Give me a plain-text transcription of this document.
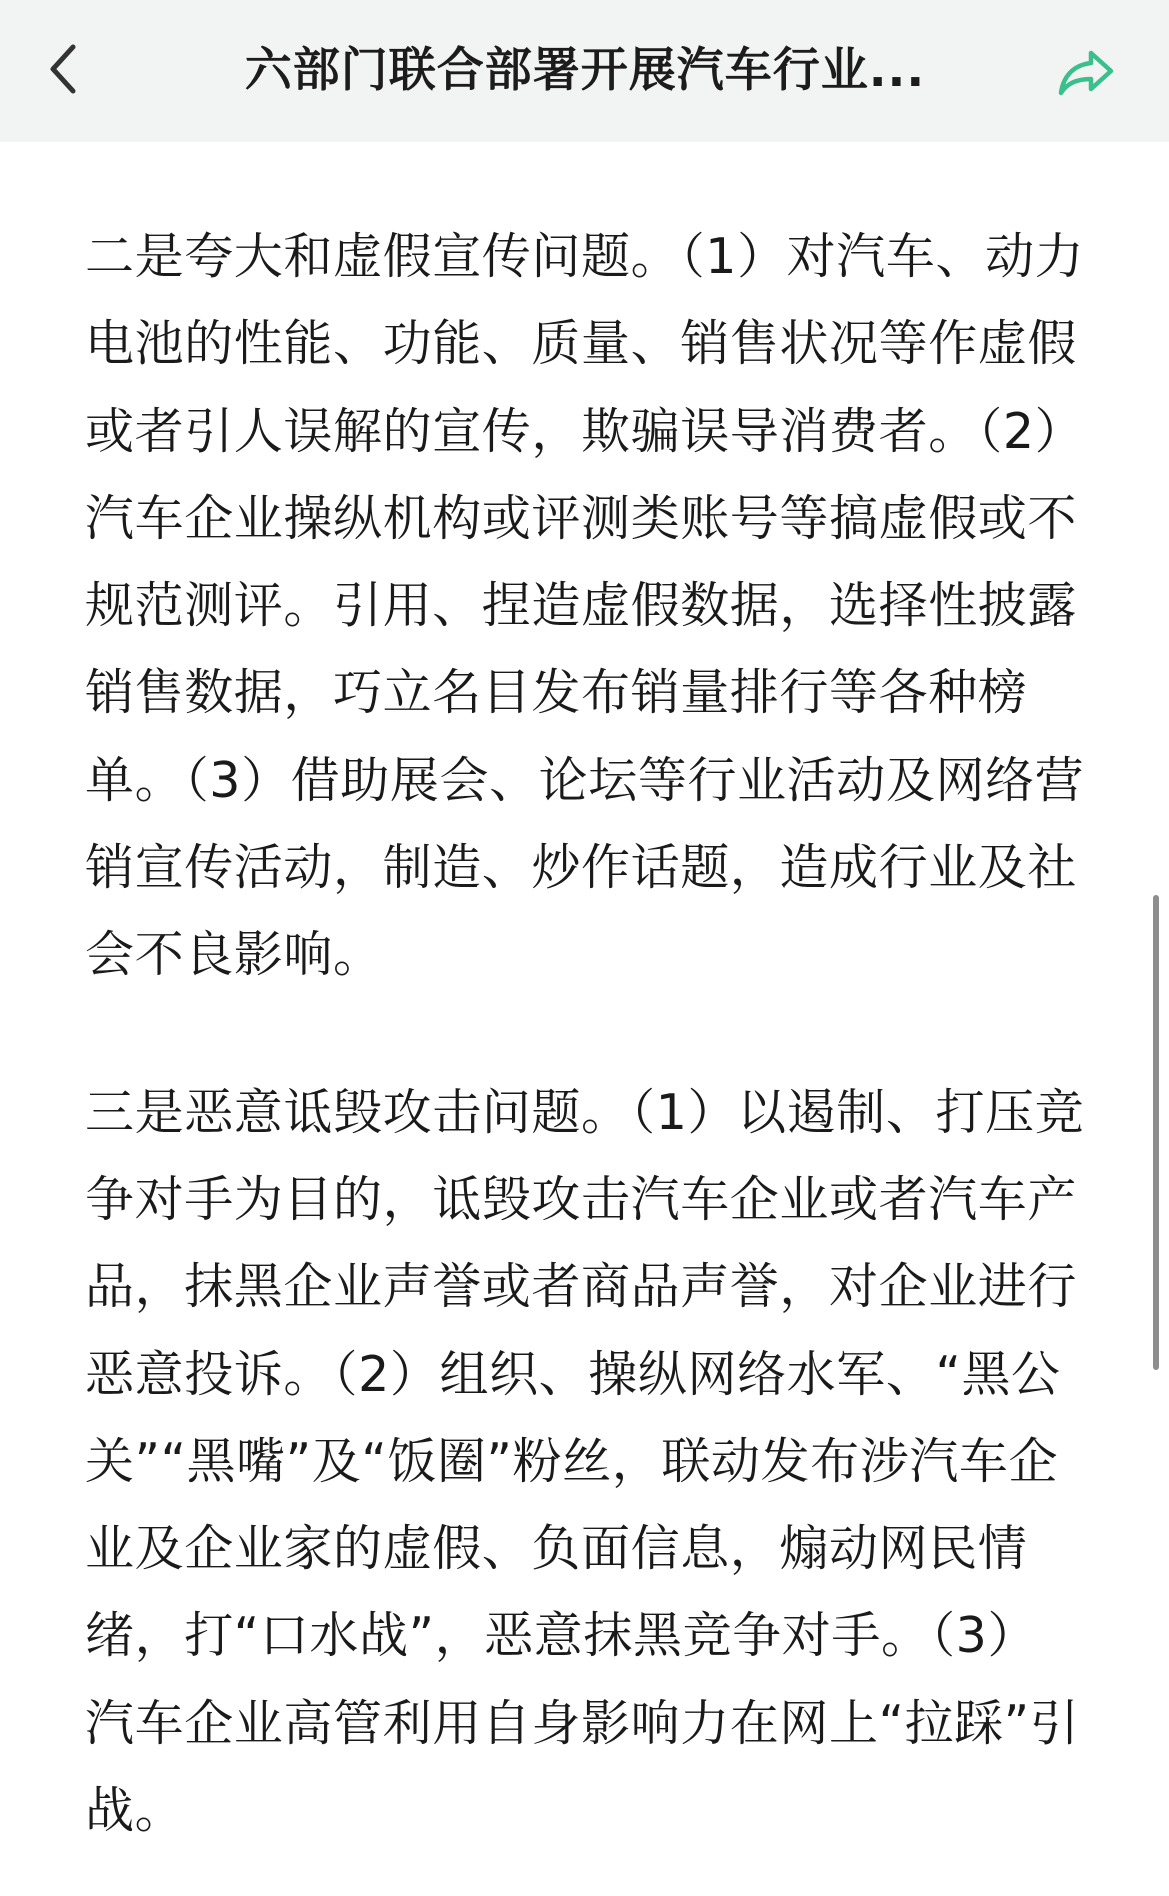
六部门联合部署开展汽车行业...

二是夸大和虚假宣传问题。（1）对汽车、动力电池的性能、功能、质量、销售状况等作虚假或者引人误解的宣传，欺骗误导消费者。（2）汽车企业操纵机构或评测类账号等搞虚假或不规范测评。引用、捏造虚假数据，选择性披露销售数据，巧立名目发布销量排行等各种榜单。（3）借助展会、论坛等行业活动及网络营销宣传活动，制造、炒作话题，造成行业及社会不良影响。

三是恶意诋毁攻击问题。（1）以遏制、打压竞争对手为目的，诋毁攻击汽车企业或者汽车产品，抹黑企业声誉或者商品声誉，对企业进行恶意投诉。（2）组织、操纵网络水军、“黑公关”“黑嘴”及“饭圈”粉丝，联动发布涉汽车企业及企业家的虚假、负面信息，煽动网民情绪，打“口水战”，恶意抹黑竞争对手。（3）汽车企业高管利用自身影响力在网上“拉踩”引战。
